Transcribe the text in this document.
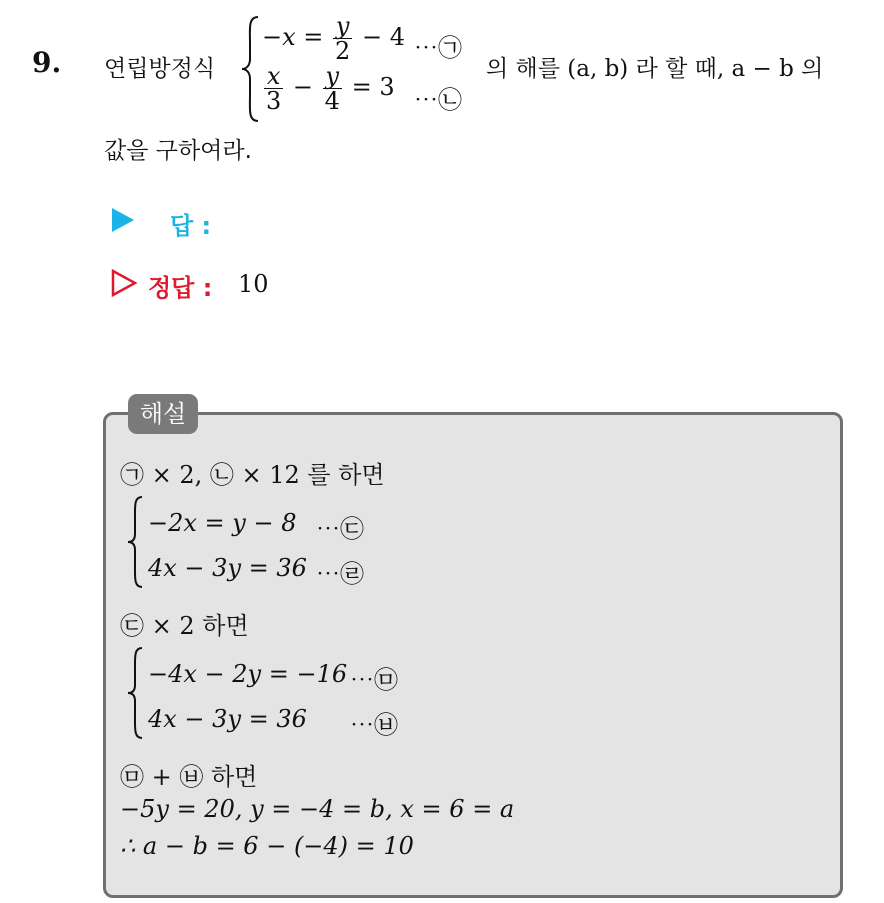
9. 연립방정식
$-x = \frac{y}{2} - 4$ ⋯㉠
$\frac{x}{3} - \frac{y}{4} = 3$ ⋯㉡
의 해를 (a, b) 라 할 때, a − b 의
값을 구하여라.
답 :
정답 : 10
해설
㉠ × 2, ㉡ × 12 를 하면
−2x = y − 8 ⋯㉢
4x − 3y = 36 ⋯㉣
㉢ × 2 하면
−4x − 2y = −16 ⋯㉤
4x − 3y = 36 ⋯㉥
㉤ + ㉥ 하면
−5y = 20, y = −4 = b, x = 6 = a
∴ a − b = 6 − (−4) = 10
